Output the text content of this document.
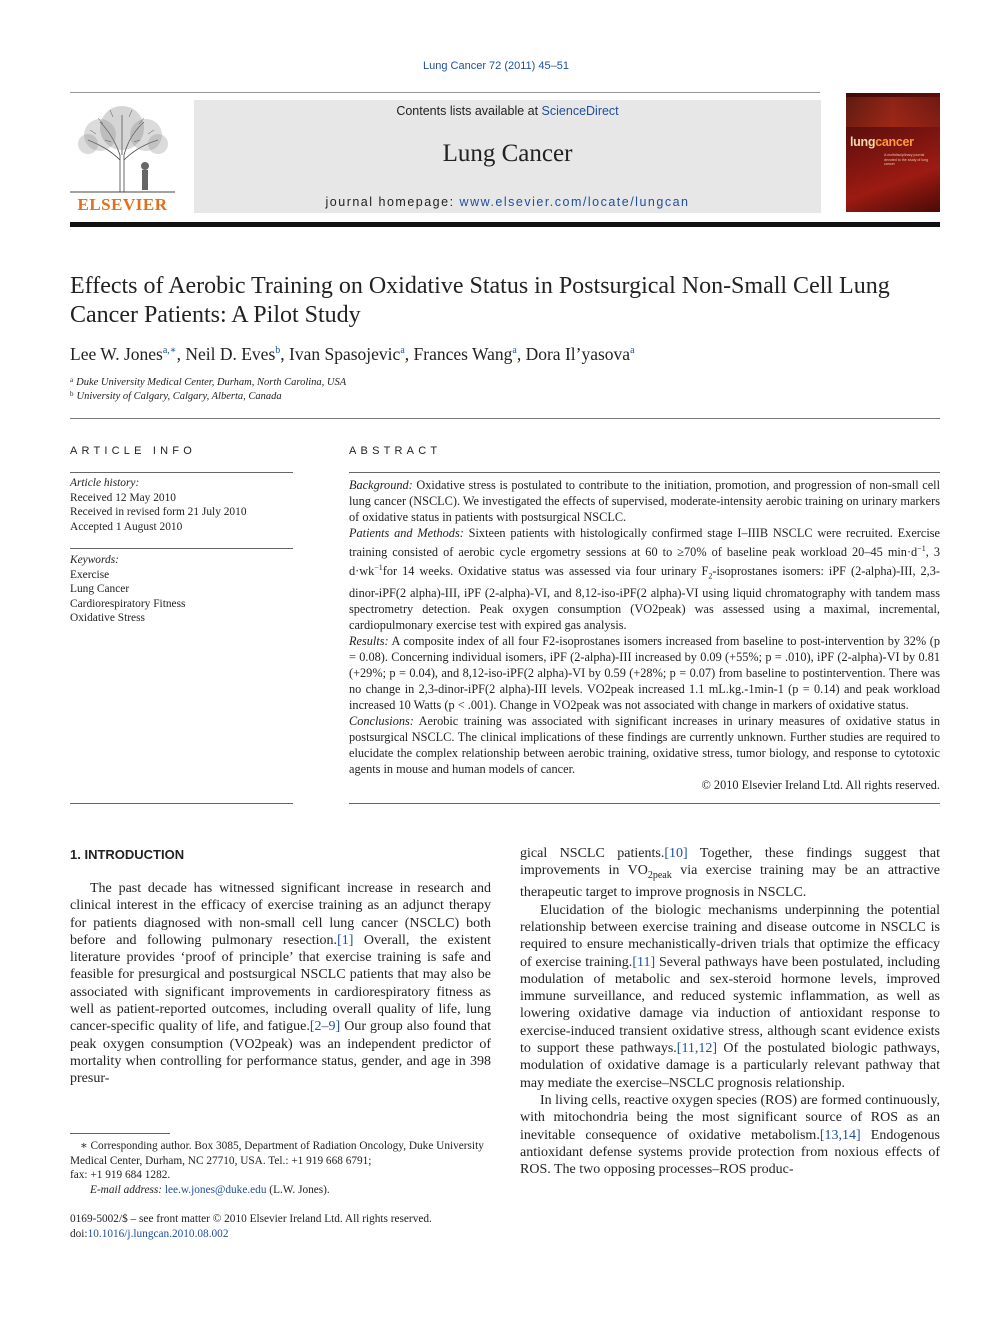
Lung Cancer 72 (2011) 45–51
ELSEVIER
Contents lists available at ScienceDirect
Lung Cancer
journal homepage: www.elsevier.com/locate/lungcan
lungcancer
A multidisciplinary journal devoted to the study of lung cancer
Effects of Aerobic Training on Oxidative Status in Postsurgical Non-Small Cell Lung Cancer Patients: A Pilot Study
Lee W. Jones$^{a,∗}$, Neil D. Eves$^b$, Ivan Spasojevic$^a$, Frances Wang$^a$, Dora Il’yasova$^a$
$^a$ Duke University Medical Center, Durham, North Carolina, USA
$^b$ University of Calgary, Calgary, Alberta, Canada
ARTICLE INFO	ABSTRACT
Article history:
Received 12 May 2010
Received in revised form 21 July 2010
Accepted 1 August 2010
Keywords:
Exercise
Lung Cancer
Cardiorespiratory Fitness
Oxidative Stress
Background: Oxidative stress is postulated to contribute to the initiation, promotion, and progression of non-small cell lung cancer (NSCLC). We investigated the effects of supervised, moderate-intensity aerobic training on urinary markers of oxidative status in patients with postsurgical NSCLC.
Patients and Methods: Sixteen patients with histologically confirmed stage I–IIIB NSCLC were recruited. Exercise training consisted of aerobic cycle ergometry sessions at 60 to ≥70% of baseline peak workload 20–45 $\min\cdot d^{-1}$, 3 $d\cdot wk^{-1}for$ 14 weeks. Oxidative status was assessed via four urinary $F_2$-isoprostanes isomers: iPF (2-alpha)-III, 2,3-dinor-iPF(2 alpha)-III, iPF (2-alpha)-VI, and 8,12-iso-iPF(2 alpha)-VI using liquid chromatography with tandem mass spectrometry detection. Peak oxygen consumption (VO2peak) was assessed using a maximal, incremental, cardiopulmonary exercise test with expired gas analysis.
Results: A composite index of all four F2-isoprostanes isomers increased from baseline to post-intervention by 32% (p = 0.08). Concerning individual isomers, iPF (2-alpha)-III increased by 0.09 (+55%; p = .010), iPF (2-alpha)-VI by 0.81 (+29%; p = 0.04), and 8,12-iso-iPF(2 alpha)-VI by 0.59 (+28%; p = 0.07) from baseline to postintervention. There was no change in 2,3-dinor-iPF(2 alpha)-III levels. VO2peak increased 1.1 mL.kg.-1min-1 (p = 0.14) and peak workload increased 10 Watts (p < .001). Change in VO2peak was not associated with change in markers of oxidative status.
Conclusions: Aerobic training was associated with significant increases in urinary measures of oxidative status in postsurgical NSCLC. The clinical implications of these findings are currently unknown. Further studies are required to elucidate the complex relationship between aerobic training, oxidative stress, tumor biology, and response to cytotoxic agents in mouse and human models of cancer.
© 2010 Elsevier Ireland Ltd. All rights reserved.
1. INTRODUCTION

The past decade has witnessed significant increase in research and clinical interest in the efficacy of exercise training as an adjunct therapy for patients diagnosed with non-small cell lung cancer (NSCLC) both before and following pulmonary resection.[1] Overall, the existent literature provides ‘proof of principle’ that exercise training is safe and feasible for presurgical and postsurgical NSCLC patients that may also be associated with significant improvements in cardiorespiratory fitness as well as patient-reported outcomes, including overall quality of life, lung cancer-specific quality of life, and fatigue.[2–9] Our group also found that peak oxygen consumption (VO2peak) was an independent predictor of mortality when controlling for performance status, gender, and age in 398 presur-

gical NSCLC patients.[10] Together, these findings suggest that improvements in $VO_{2peak}$ via exercise training may be an attractive therapeutic target to improve prognosis in NSCLC.

Elucidation of the biologic mechanisms underpinning the potential relationship between exercise training and disease outcome in NSCLC is required to ensure mechanistically-driven trials that optimize the efficacy of exercise training.[11] Several pathways have been postulated, including modulation of metabolic and sex-steroid hormone levels, improved immune surveillance, and reduced systemic inflammation, as well as lowering oxidative damage via induction of antioxidant response to exercise-induced transient oxidative stress, although scant evidence exists to support these pathways.[11,12] Of the postulated biologic pathways, modulation of oxidative damage is a particularly relevant pathway that may mediate the exercise–NSCLC prognosis relationship.

In living cells, reactive oxygen species (ROS) are formed continuously, with mitochondria being the most significant source of ROS as an inevitable consequence of oxidative metabolism.[13,14] Endogenous antioxidant defense systems provide protection from noxious effects of ROS. The two opposing processes–ROS produc-

∗ Corresponding author. Box 3085, Department of Radiation Oncology, Duke University Medical Center, Durham, NC 27710, USA. Tel.: +1 919 668 6791;
fax: +1 919 684 1282.
E-mail address: lee.w.jones@duke.edu (L.W. Jones).
0169-5002/$ – see front matter © 2010 Elsevier Ireland Ltd. All rights reserved.
doi:10.1016/j.lungcan.2010.08.002
